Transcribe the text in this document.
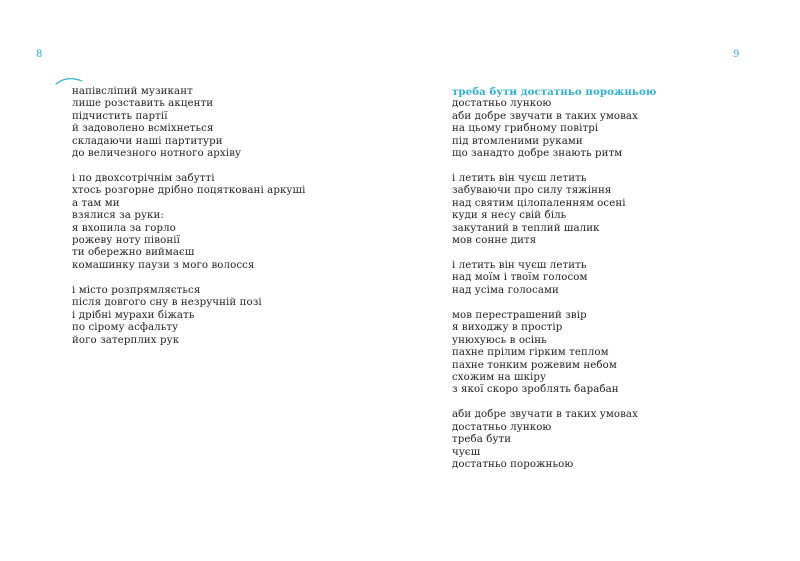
8	9
напівсліпий музикант
лише розставить акценти
підчистить партії
й задоволено всміхнеться
складаючи наші партитури
до величезного нотного архіву
і по двохсотрічнім забутті
хтось розгорне дрібно поцятковані аркуші
а там ми
взялися за руки:
я вхопила за горло
рожеву ноту півонії
ти обережно виймаєш
комашинку паузи з мого волосся
і місто розпрямляється
після довгого сну в незручній позі
і дрібні мурахи біжать
по сірому асфальту
його затерплих рук
треба бути достатньо порожньою
достатньо лункою
аби добре звучати в таких умовах
на цьому грибному повітрі
під втомленими руками
що занадто добре знають ритм
і летить він чуєш летить
забуваючи про силу тяжіння
над святим цілопаленням осені
куди я несу свій біль
закутаний в теплий шалик
мов сонне дитя
і летить він чуєш летить
над моїм і твоїм голосом
над усіма голосами
мов перестрашений звір
я виходжу в простір
унюхуюсь в осінь
пахне прілим гірким теплом
пахне тонким рожевим небом
схожим на шкіру
з якої скоро зроблять барабан
аби добре звучати в таких умовах
достатньо лункою
треба бути
чуєш
достатньо порожньою
